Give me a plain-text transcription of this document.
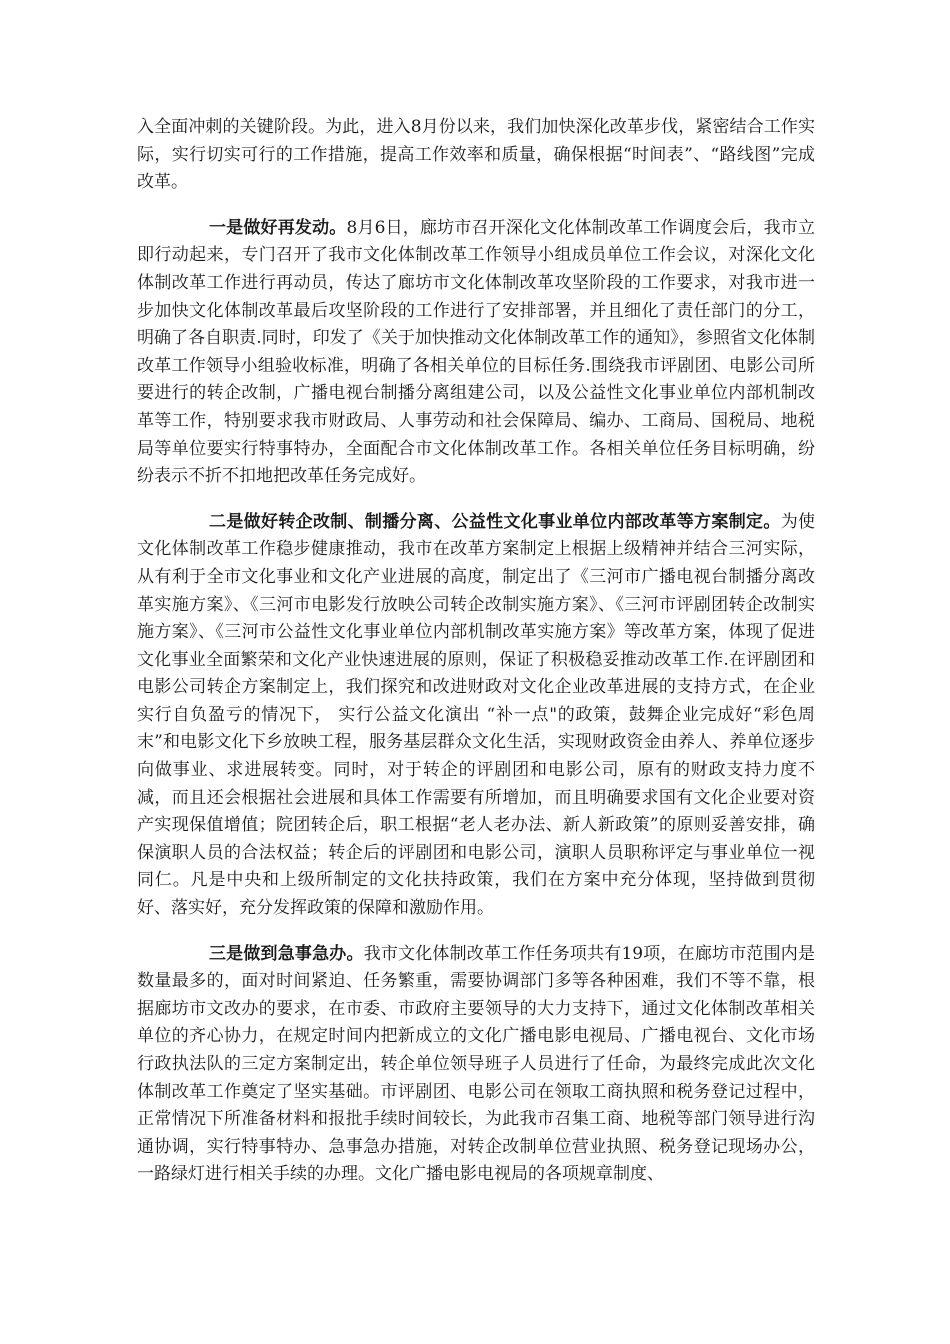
入全面冲刺的关键阶段。为此，进入8月份以来，我们加快深化改革步伐，紧密结合工作实际，实行切实可行的工作措施，提高工作效率和质量，确保根据“时间表”、“路线图”完成改革。

一是做好再发动。8月6日，廊坊市召开深化文化体制改革工作调度会后，我市立即行动起来，专门召开了我市文化体制改革工作领导小组成员单位工作会议，对深化文化体制改革工作进行再动员，传达了廊坊市文化体制改革攻坚阶段的工作要求，对我市进一步加快文化体制改革最后攻坚阶段的工作进行了安排部署，并且细化了责任部门的分工，明确了各自职责.同时，印发了《关于加快推动文化体制改革工作的通知》，参照省文化体制改革工作领导小组验收标准，明确了各相关单位的目标任务.围绕我市评剧团、电影公司所要进行的转企改制，广播电视台制播分离组建公司，以及公益性文化事业单位内部机制改革等工作，特别要求我市财政局、人事劳动和社会保障局、编办、工商局、国税局、地税局等单位要实行特事特办，全面配合市文化体制改革工作。各相关单位任务目标明确，纷纷表示不折不扣地把改革任务完成好。

二是做好转企改制、制播分离、公益性文化事业单位内部改革等方案制定。为使文化体制改革工作稳步健康推动，我市在改革方案制定上根据上级精神并结合三河实际，从有利于全市文化事业和文化产业进展的高度，制定出了《三河市广播电视台制播分离改革实施方案》、《三河市电影发行放映公司转企改制实施方案》、《三河市评剧团转企改制实施方案》、《三河市公益性文化事业单位内部机制改革实施方案》等改革方案，体现了促进文化事业全面繁荣和文化产业快速进展的原则，保证了积极稳妥推动改革工作.在评剧团和电影公司转企方案制定上，我们探究和改进财政对文化企业改革进展的支持方式，在企业实行自负盈亏的情况下， 实行公益文化演出 “补一点"的政策，鼓舞企业完成好“彩色周末”和电影文化下乡放映工程，服务基层群众文化生活，实现财政资金由养人、养单位逐步向做事业、求进展转变。同时，对于转企的评剧团和电影公司，原有的财政支持力度不减，而且还会根据社会进展和具体工作需要有所增加，而且明确要求国有文化企业要对资产实现保值增值；院团转企后，职工根据“老人老办法、新人新政策”的原则妥善安排，确保演职人员的合法权益；转企后的评剧团和电影公司，演职人员职称评定与事业单位一视同仁。凡是中央和上级所制定的文化扶持政策，我们在方案中充分体现，坚持做到贯彻好、落实好，充分发挥政策的保障和激励作用。

三是做到急事急办。我市文化体制改革工作任务项共有19项，在廊坊市范围内是数量最多的，面对时间紧迫、任务繁重，需要协调部门多等各种困难，我们不等不靠，根据廊坊市文改办的要求，在市委、市政府主要领导的大力支持下，通过文化体制改革相关单位的齐心协力，在规定时间内把新成立的文化广播电影电视局、广播电视台、文化市场行政执法队的三定方案制定出，转企单位领导班子人员进行了任命，为最终完成此次文化体制改革工作奠定了坚实基础。市评剧团、电影公司在领取工商执照和税务登记过程中，正常情况下所准备材料和报批手续时间较长，为此我市召集工商、地税等部门领导进行沟通协调，实行特事特办、急事急办措施，对转企改制单位营业执照、税务登记现场办公，一路绿灯进行相关手续的办理。文化广播电影电视局的各项规章制度、
